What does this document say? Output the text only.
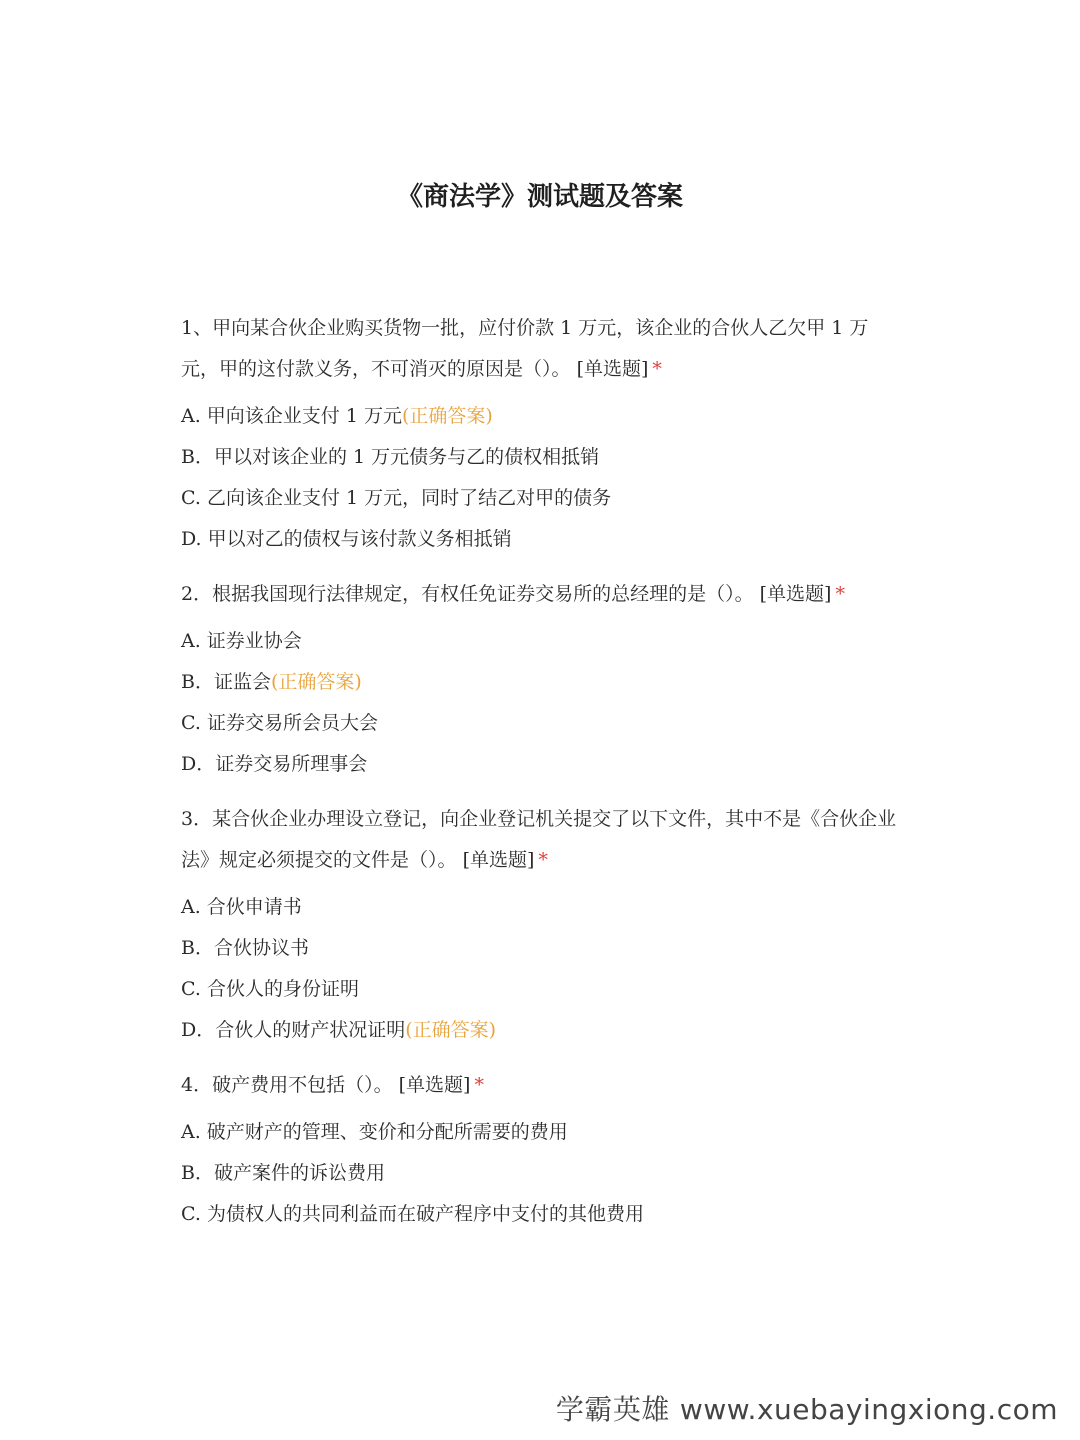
《商法学》测试题及答案

1、甲向某合伙企业购买货物一批，应付价款 1 万元，该企业的合伙人乙欠甲 1 万元，甲的这付款义务，不可消灭的原因是（）。 [单选题] *

A. 甲向该企业支付 1 万元(正确答案)
B．甲以对该企业的 1 万元债务与乙的债权相抵销
C. 乙向该企业支付 1 万元，同时了结乙对甲的债务
D. 甲以对乙的债权与该付款义务相抵销

2．根据我国现行法律规定，有权任免证券交易所的总经理的是（）。 [单选题] *

A. 证券业协会
B．证监会(正确答案)
C. 证券交易所会员大会
D．证券交易所理事会

3．某合伙企业办理设立登记，向企业登记机关提交了以下文件，其中不是《合伙企业法》规定必须提交的文件是（）。 [单选题] *

A. 合伙申请书
B．合伙协议书
C. 合伙人的身份证明
D．合伙人的财产状况证明(正确答案)

4．破产费用不包括（）。 [单选题] *

A. 破产财产的管理、变价和分配所需要的费用
B．破产案件的诉讼费用
C. 为债权人的共同利益而在破产程序中支付的其他费用
学霸英雄 www.xuebayingxiong.com
